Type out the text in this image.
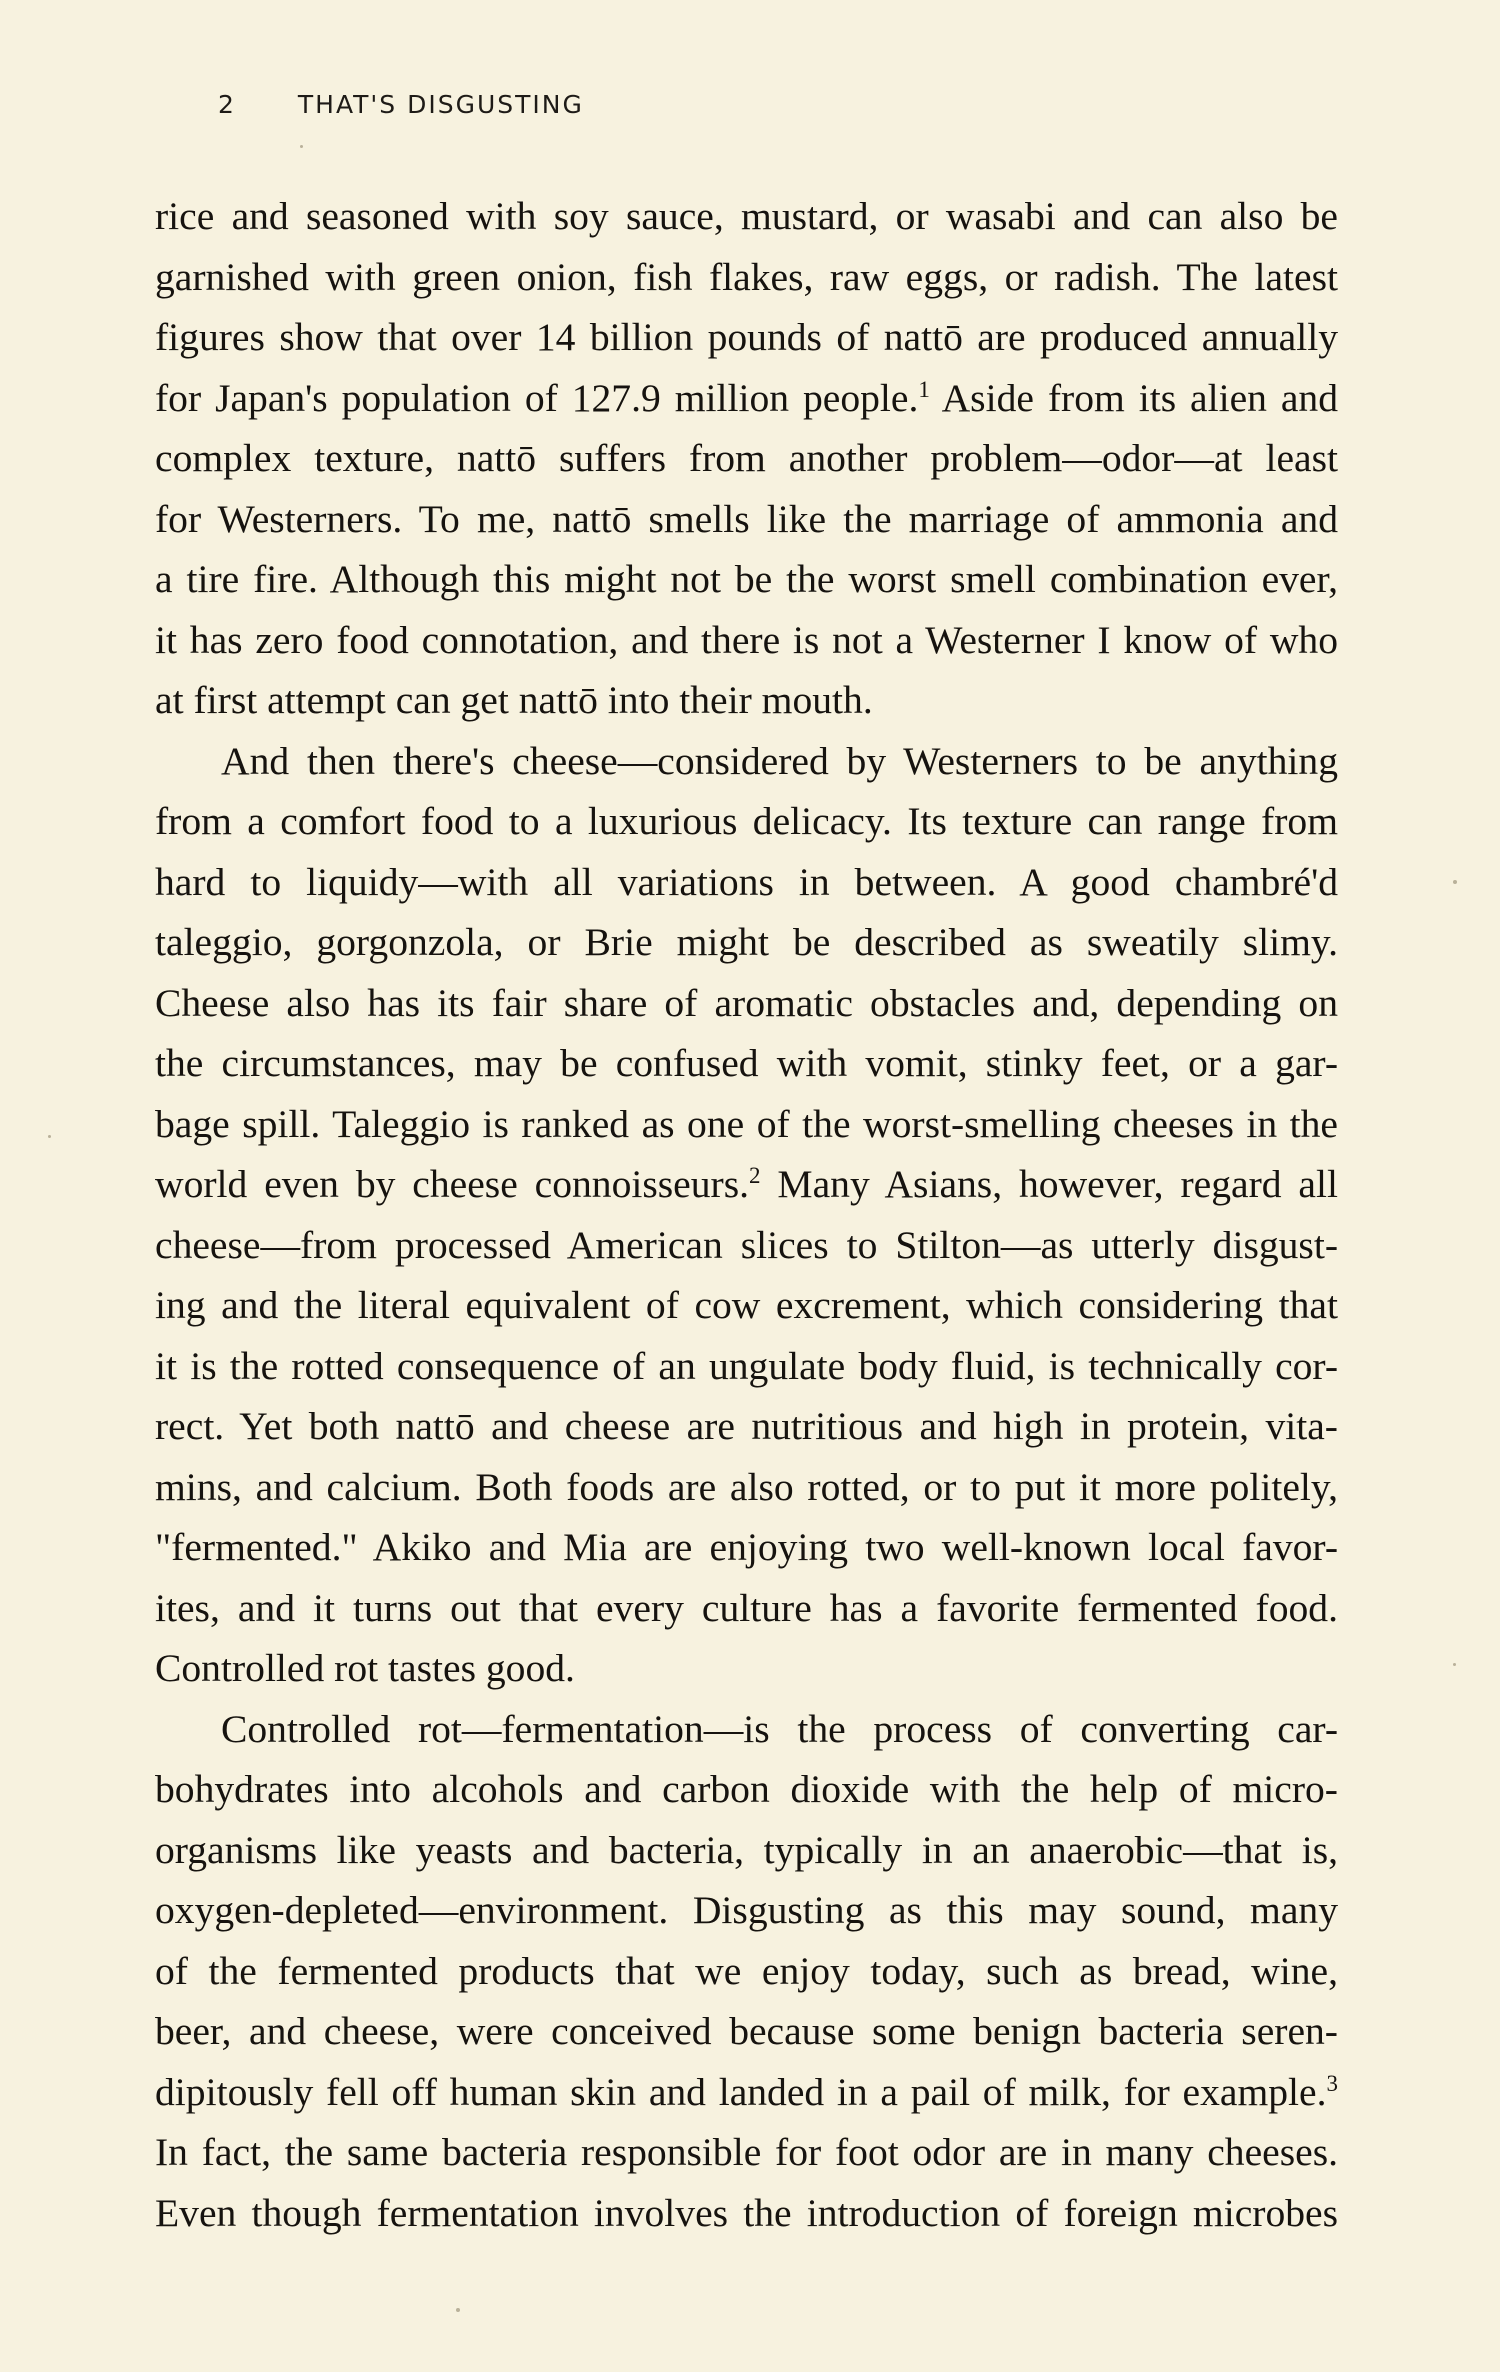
2 THAT'S DISGUSTING
rice and seasoned with soy sauce, mustard, or wasabi and can also be
garnished with green onion, fish flakes, raw eggs, or radish. The latest
figures show that over 14 billion pounds of nattō are produced annually
for Japan's population of 127.9 million people.$^1$ Aside from its alien and
complex texture, nattō suffers from another problem—odor—at least
for Westerners. To me, nattō smells like the marriage of ammonia and
a tire fire. Although this might not be the worst smell combination ever,
it has zero food connotation, and there is not a Westerner I know of who
at first attempt can get nattō into their mouth.
And then there's cheese—considered by Westerners to be anything
from a comfort food to a luxurious delicacy. Its texture can range from
hard to liquidy—with all variations in between. A good chambré'd
taleggio, gorgonzola, or Brie might be described as sweatily slimy.
Cheese also has its fair share of aromatic obstacles and, depending on
the circumstances, may be confused with vomit, stinky feet, or a gar-
bage spill. Taleggio is ranked as one of the worst-smelling cheeses in the
world even by cheese connoisseurs.$^2$ Many Asians, however, regard all
cheese—from processed American slices to Stilton—as utterly disgust-
ing and the literal equivalent of cow excrement, which considering that
it is the rotted consequence of an ungulate body fluid, is technically cor-
rect. Yet both nattō and cheese are nutritious and high in protein, vita-
mins, and calcium. Both foods are also rotted, or to put it more politely,
"fermented." Akiko and Mia are enjoying two well-known local favor-
ites, and it turns out that every culture has a favorite fermented food.
Controlled rot tastes good.
Controlled rot—fermentation—is the process of converting car-
bohydrates into alcohols and carbon dioxide with the help of micro-
organisms like yeasts and bacteria, typically in an anaerobic—that is,
oxygen-depleted—environment. Disgusting as this may sound, many
of the fermented products that we enjoy today, such as bread, wine,
beer, and cheese, were conceived because some benign bacteria seren-
dipitously fell off human skin and landed in a pail of milk, for example.$^3$
In fact, the same bacteria responsible for foot odor are in many cheeses.
Even though fermentation involves the introduction of foreign microbes
